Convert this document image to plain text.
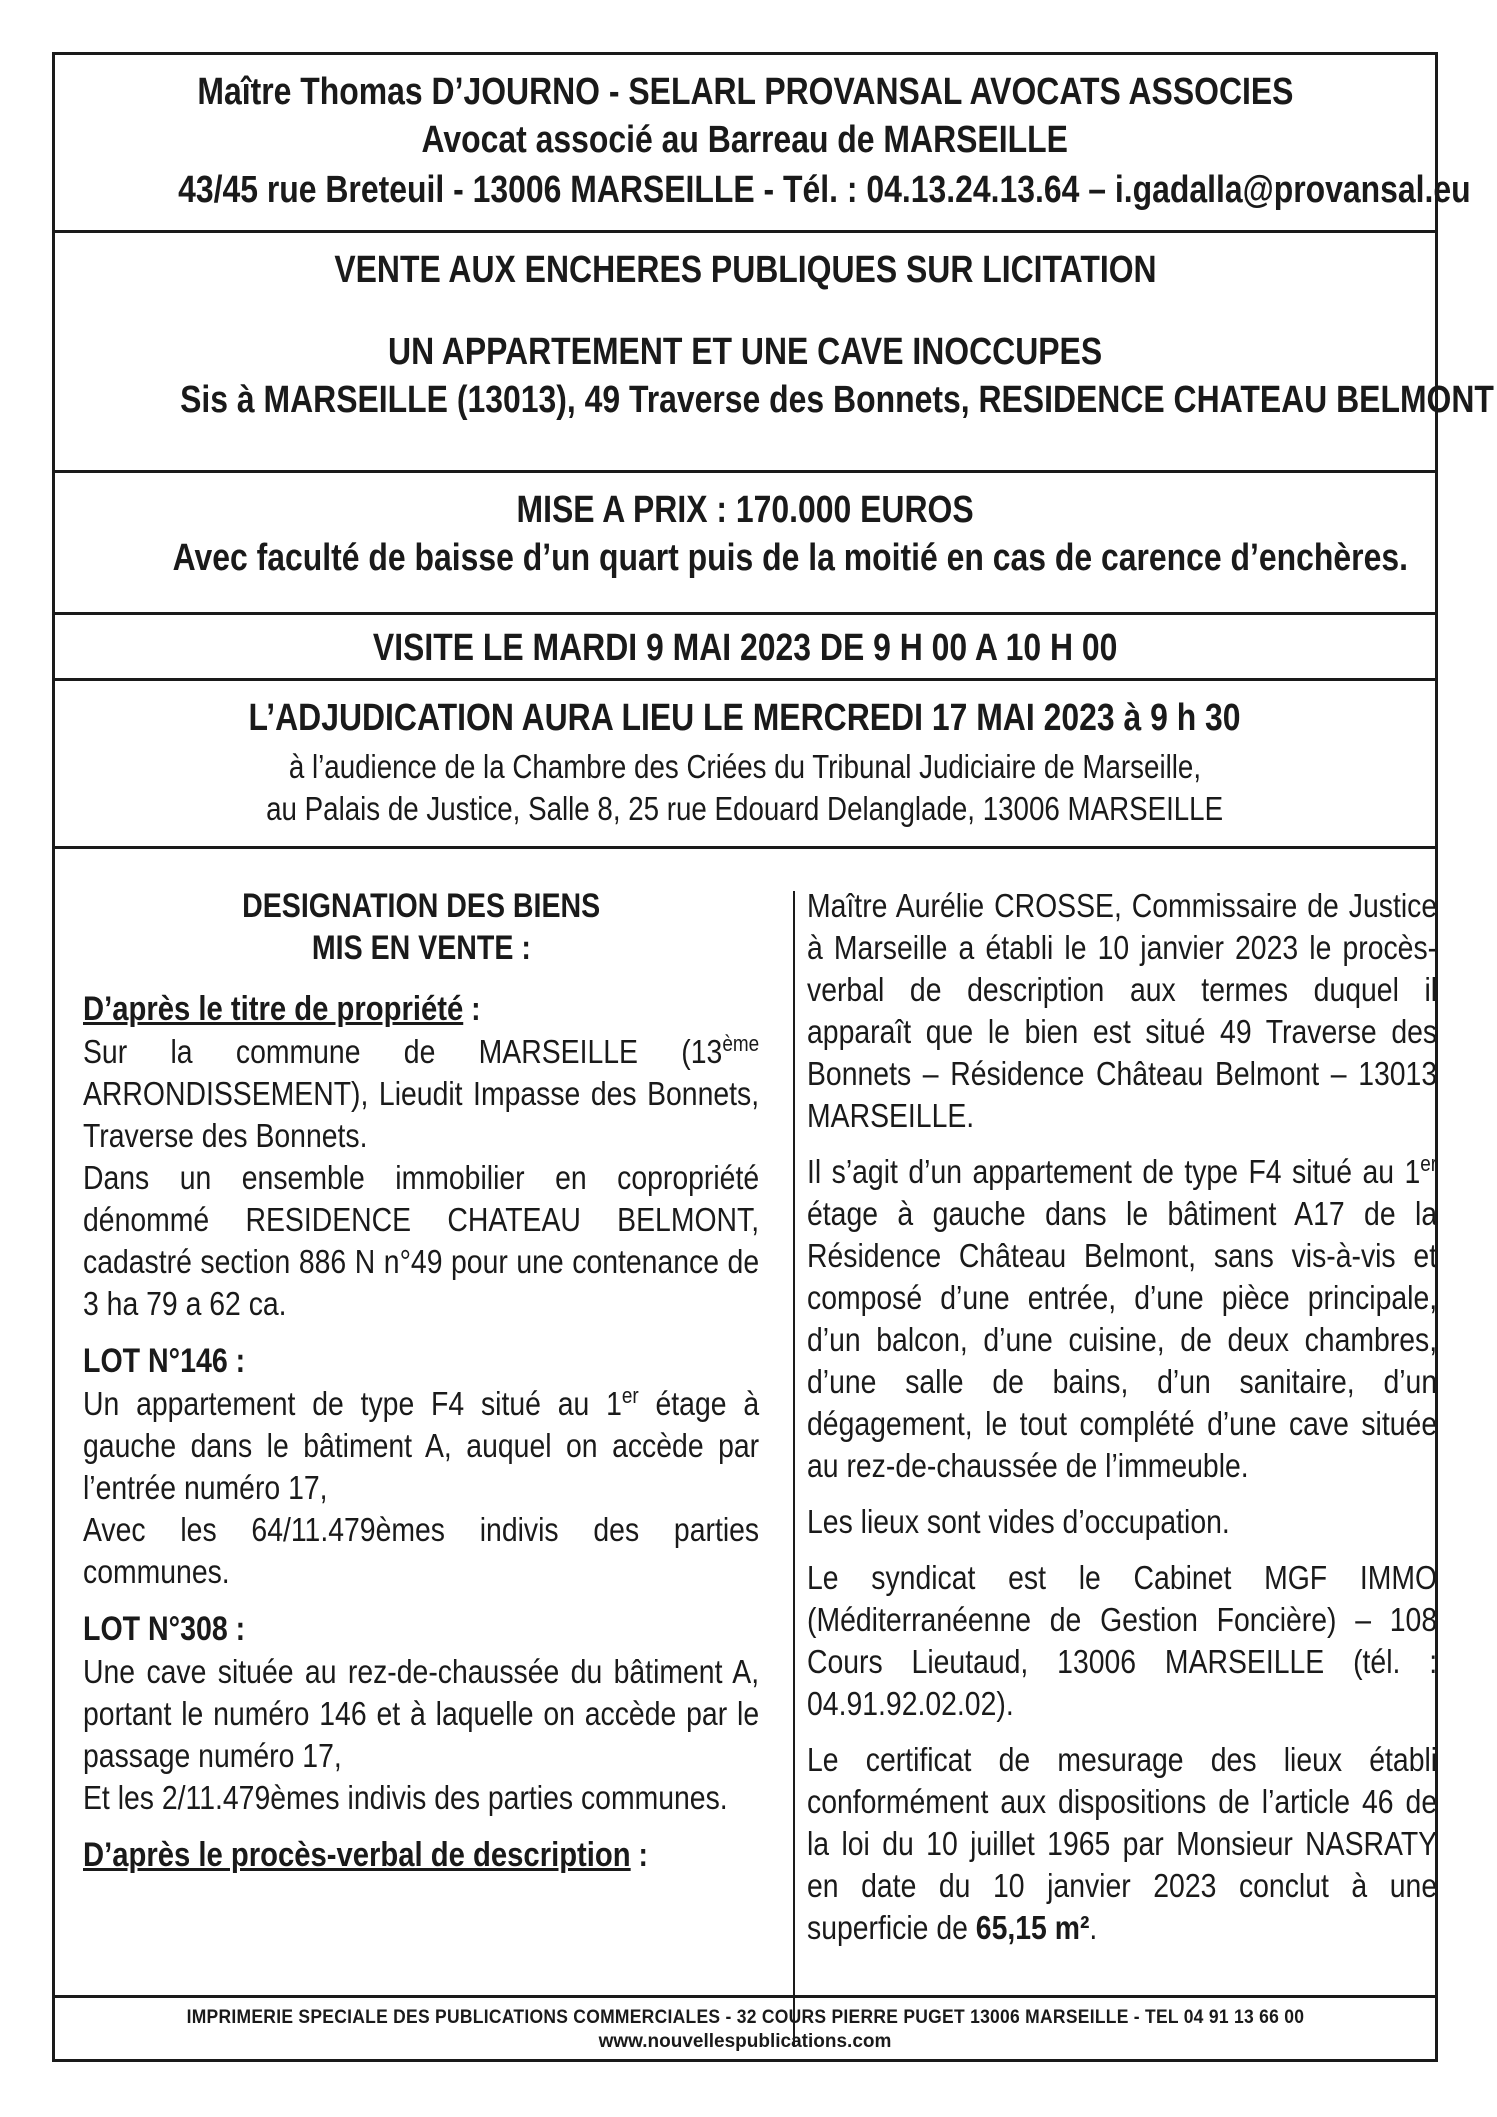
Maître Thomas D’JOURNO - SELARL PROVANSAL AVOCATS ASSOCIES
Avocat associé au Barreau de MARSEILLE
43/45 rue Breteuil - 13006 MARSEILLE - Tél. : 04.13.24.13.64 – i.gadalla@provansal.eu
VENTE AUX ENCHERES PUBLIQUES SUR LICITATION
UN APPARTEMENT ET UNE CAVE INOCCUPES
Sis à MARSEILLE (13013), 49 Traverse des Bonnets, RESIDENCE CHATEAU BELMONT
MISE A PRIX : 170.000 EUROS
Avec faculté de baisse d’un quart puis de la moitié en cas de carence d’enchères.
VISITE LE MARDI 9 MAI 2023 DE 9 H 00 A 10 H 00
L’ADJUDICATION AURA LIEU LE MERCREDI 17 MAI 2023 à 9 h 30
à l’audience de la Chambre des Criées du Tribunal Judiciaire de Marseille,
au Palais de Justice, Salle 8, 25 rue Edouard Delanglade, 13006 MARSEILLE
DESIGNATION DES BIENS
MIS EN VENTE :
D’après le titre de propriété :
Sur la commune de MARSEILLE (13ème ARRONDISSEMENT), Lieudit Impasse des Bonnets, Traverse des Bonnets.
Dans un ensemble immobilier en copropriété dénommé RESIDENCE CHATEAU BELMONT, cadastré section 886 N n°49 pour une contenance de 3 ha 79 a 62 ca.
LOT N°146 :
Un appartement de type F4 situé au 1er étage à gauche dans le bâtiment A, auquel on accède par l’entrée numéro 17,
Avec les 64/11.479èmes indivis des parties communes.
LOT N°308 :
Une cave située au rez-de-chaussée du bâtiment A, portant le numéro 146 et à laquelle on accède par le passage numéro 17,
Et les 2/11.479èmes indivis des parties communes.
D’après le procès-verbal de description :
Maître Aurélie CROSSE, Commissaire de Justice à Marseille a établi le 10 janvier 2023 le procès-verbal de description aux termes duquel il apparaît que le bien est situé 49 Traverse des Bonnets – Résidence Château Belmont – 13013 MARSEILLE.
Il s’agit d’un appartement de type F4 situé au 1er étage à gauche dans le bâtiment A17 de la Résidence Château Belmont, sans vis-à-vis et composé d’une entrée, d’une pièce principale, d’un balcon, d’une cuisine, de deux chambres, d’une salle de bains, d’un sanitaire, d’un dégagement, le tout complété d’une cave située au rez-de-chaussée de l’immeuble.
Les lieux sont vides d’occupation.
Le syndicat est le Cabinet MGF IMMO (Méditerranéenne de Gestion Foncière) – 108 Cours Lieutaud, 13006 MARSEILLE (tél. : 04.91.92.02.02).
Le certificat de mesurage des lieux établi conformément aux dispositions de l’article 46 de la loi du 10 juillet 1965 par Monsieur NASRATY en date du 10 janvier 2023 conclut à une superficie de 65,15 m².
IMPRIMERIE SPECIALE DES PUBLICATIONS COMMERCIALES - 32 COURS PIERRE PUGET 13006 MARSEILLE - TEL 04 91 13 66 00
www.nouvellespublications.com
